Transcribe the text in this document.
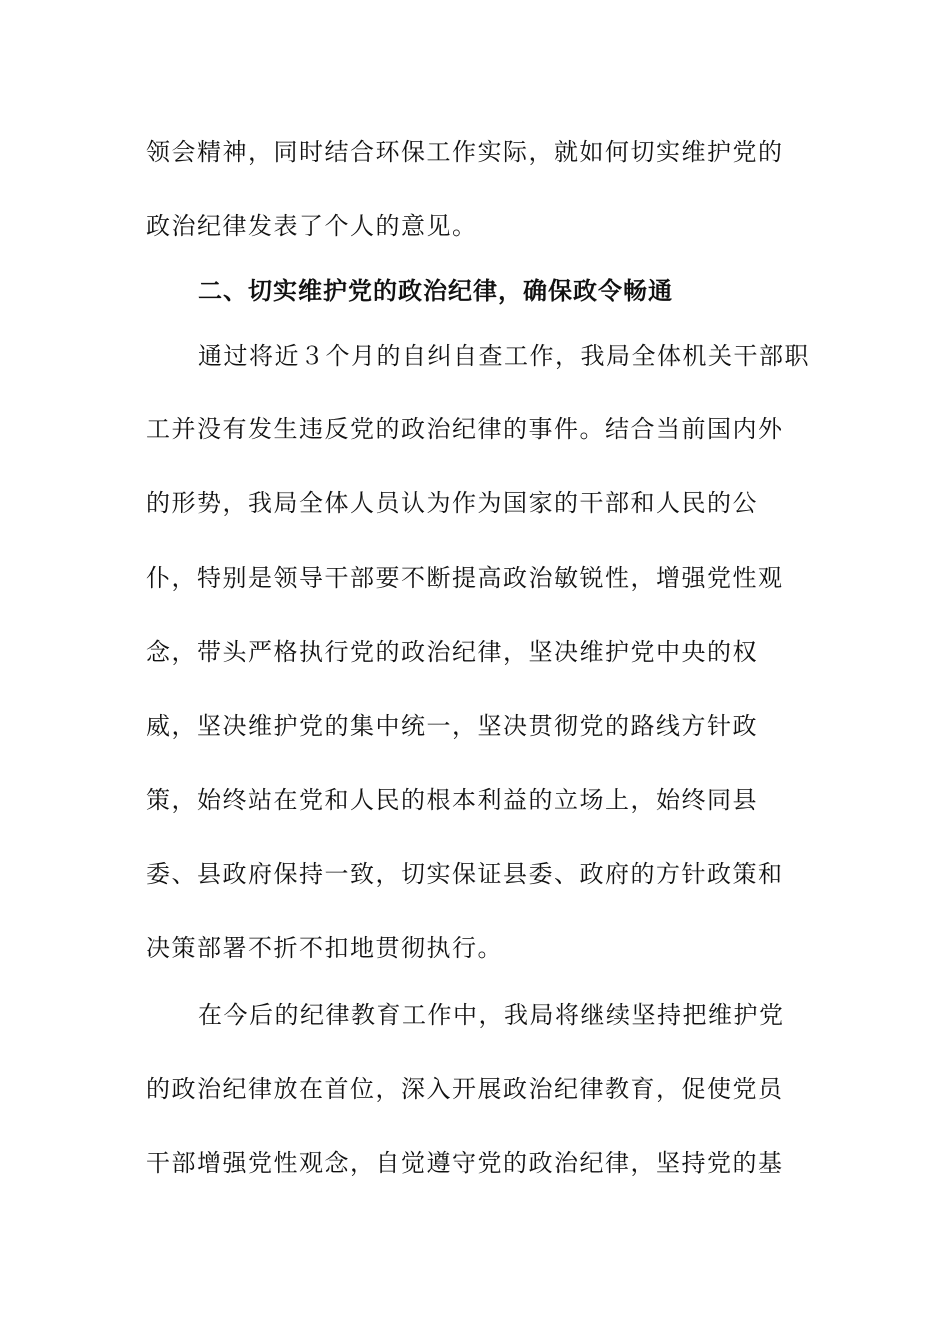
领会精神，同时结合环保工作实际，就如何切实维护党的
政治纪律发表了个人的意见。
二、切实维护党的政治纪律，确保政令畅通
通过将近３个月的自纠自查工作，我局全体机关干部职
工并没有发生违反党的政治纪律的事件。结合当前国内外
的形势，我局全体人员认为作为国家的干部和人民的公
仆，特别是领导干部要不断提高政治敏锐性，增强党性观
念，带头严格执行党的政治纪律，坚决维护党中央的权
威，坚决维护党的集中统一，坚决贯彻党的路线方针政
策，始终站在党和人民的根本利益的立场上，始终同县
委、县政府保持一致，切实保证县委、政府的方针政策和
决策部署不折不扣地贯彻执行。
在今后的纪律教育工作中，我局将继续坚持把维护党
的政治纪律放在首位，深入开展政治纪律教育，促使党员
干部增强党性观念，自觉遵守党的政治纪律，坚持党的基
